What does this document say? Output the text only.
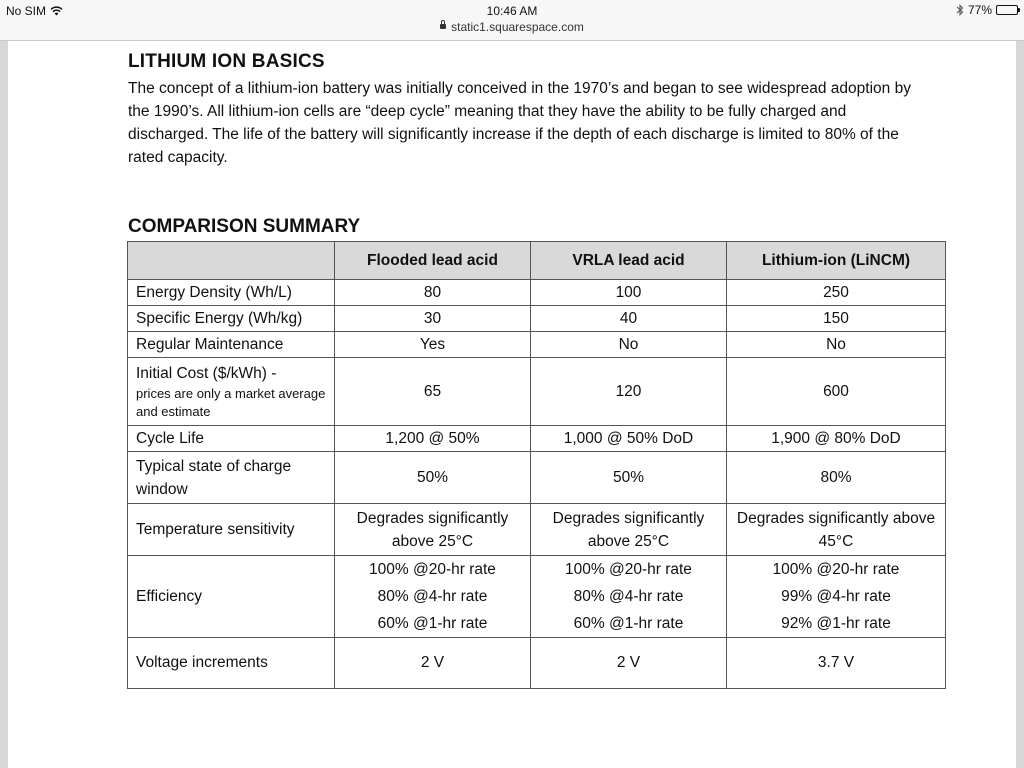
No SIM	10:46 AM
static1.squarespace.com
77%
LITHIUM ION BASICS
The concept of a lithium-ion battery was initially conceived in the 1970’s and began to see widespread adoption by the 1990’s. All lithium-ion cells are “deep cycle” meaning that they have the ability to be fully charged and discharged. The life of the battery will significantly increase if the depth of each discharge is limited to 80% of the rated capacity.
COMPARISON SUMMARY
	Flooded lead acid	VRLA lead acid	Lithium-ion (LiNCM)
Energy Density (Wh/L)	80	100	250
Specific Energy (Wh/kg)	30	40	150
Regular Maintenance	Yes	No	No

Initial Cost ($/kWh) -
prices are only a market average and estimate	65	120	600
Cycle Life	1,200 @ 50%	1,000 @ 50% DoD	1,900 @ 80% DoD

Typical state of charge window	50%	50%	80%
Temperature sensitivity	Degrades significantly above 25°C	Degrades significantly above 25°C	Degrades significantly above 45°C

Efficiency	100% @20-hr rate
80% @4-hr rate
60% @1-hr rate	100% @20-hr rate
80% @4-hr rate
60% @1-hr rate	100% @20-hr rate
99% @4-hr rate
92% @1-hr rate

Voltage increments	2 V	2 V	3.7 V
